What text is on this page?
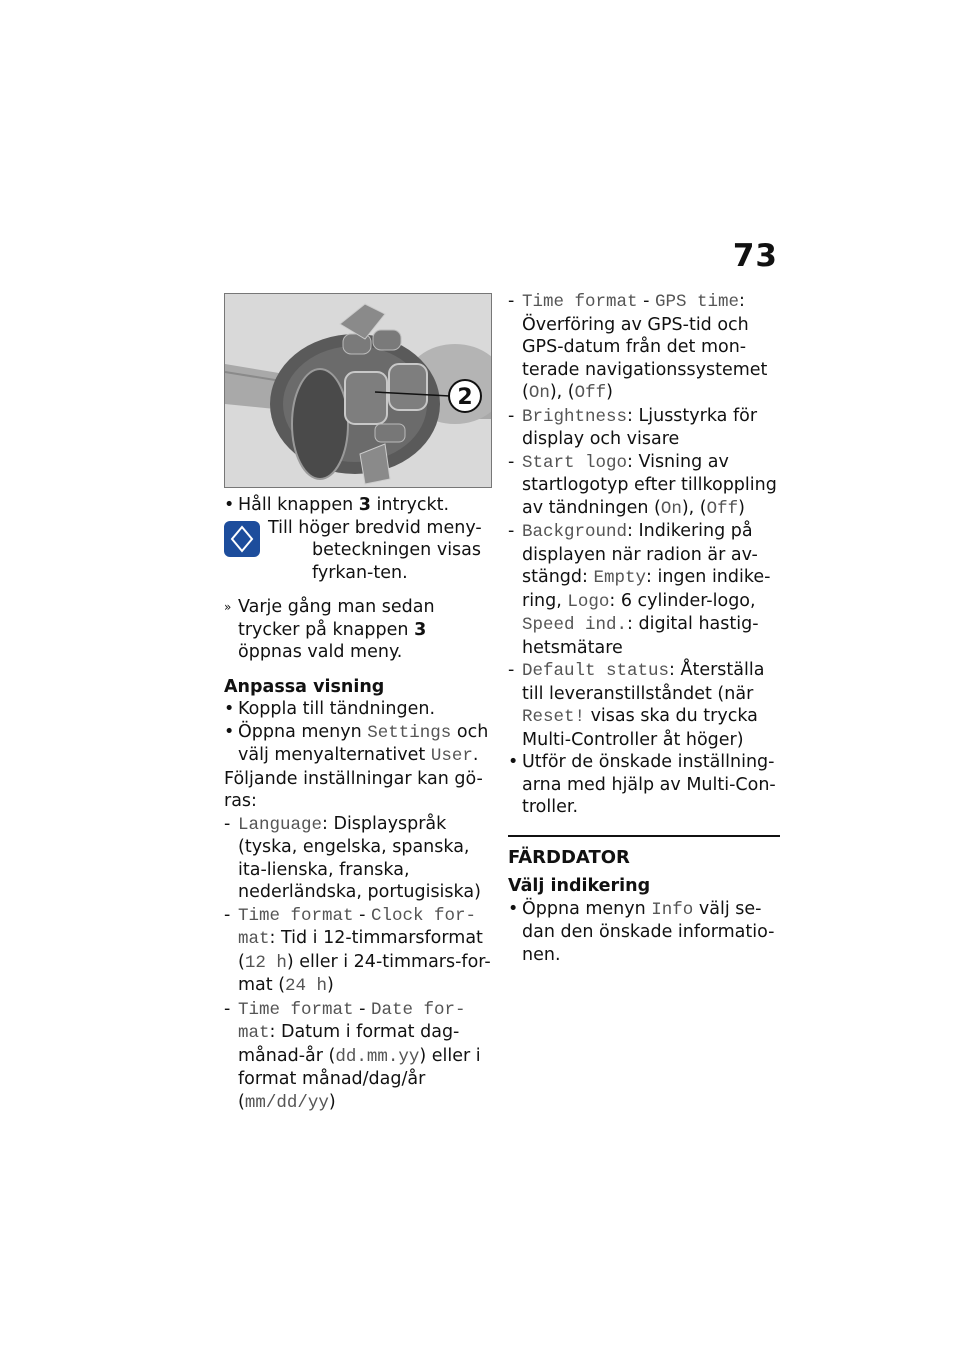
73
2
• Håll knappen 3 intryckt.
Till höger bredvid meny-beteckningen visas fyrkan-ten.
» Varje gång man sedan trycker på knappen 3 öppnas vald meny.
Anpassa visning
• Koppla till tändningen.
• Öppna menyn Settings och välj menyalternativet User.
Följande inställningar kan gö-ras:
- Language: Displayspråk (tyska, engelska, spanska, ita-lienska, franska, nederländska, portugisiska)
- Time format - Clock for-mat: Tid i 12-timmarsformat (12 h) eller i 24-timmars-for-mat (24 h)
- Time format - Date for-mat: Datum i format dag-månad-år (dd.mm.yy) eller i format månad/dag/år (mm/dd/yy)
- Time format - GPS time: Överföring av GPS-tid och GPS-datum från det mon-terade navigationssystemet (On), (Off)
- Brightness: Ljusstyrka för display och visare
- Start logo: Visning av startlogotyp efter tillkoppling av tändningen (On), (Off)
- Background: Indikering på displayen när radion är av-stängd: Empty: ingen indike-ring, Logo: 6 cylinder-logo, Speed ind.: digital hastig-hetsmätare
- Default status: Återställa till leveranstillståndet (när Reset! visas ska du trycka Multi-Controller åt höger)
• Utför de önskade inställning-arna med hjälp av Multi-Con-troller.
FÄRDDATOR
Välj indikering
• Öppna menyn Info välj se-dan den önskade informatio-nen.
